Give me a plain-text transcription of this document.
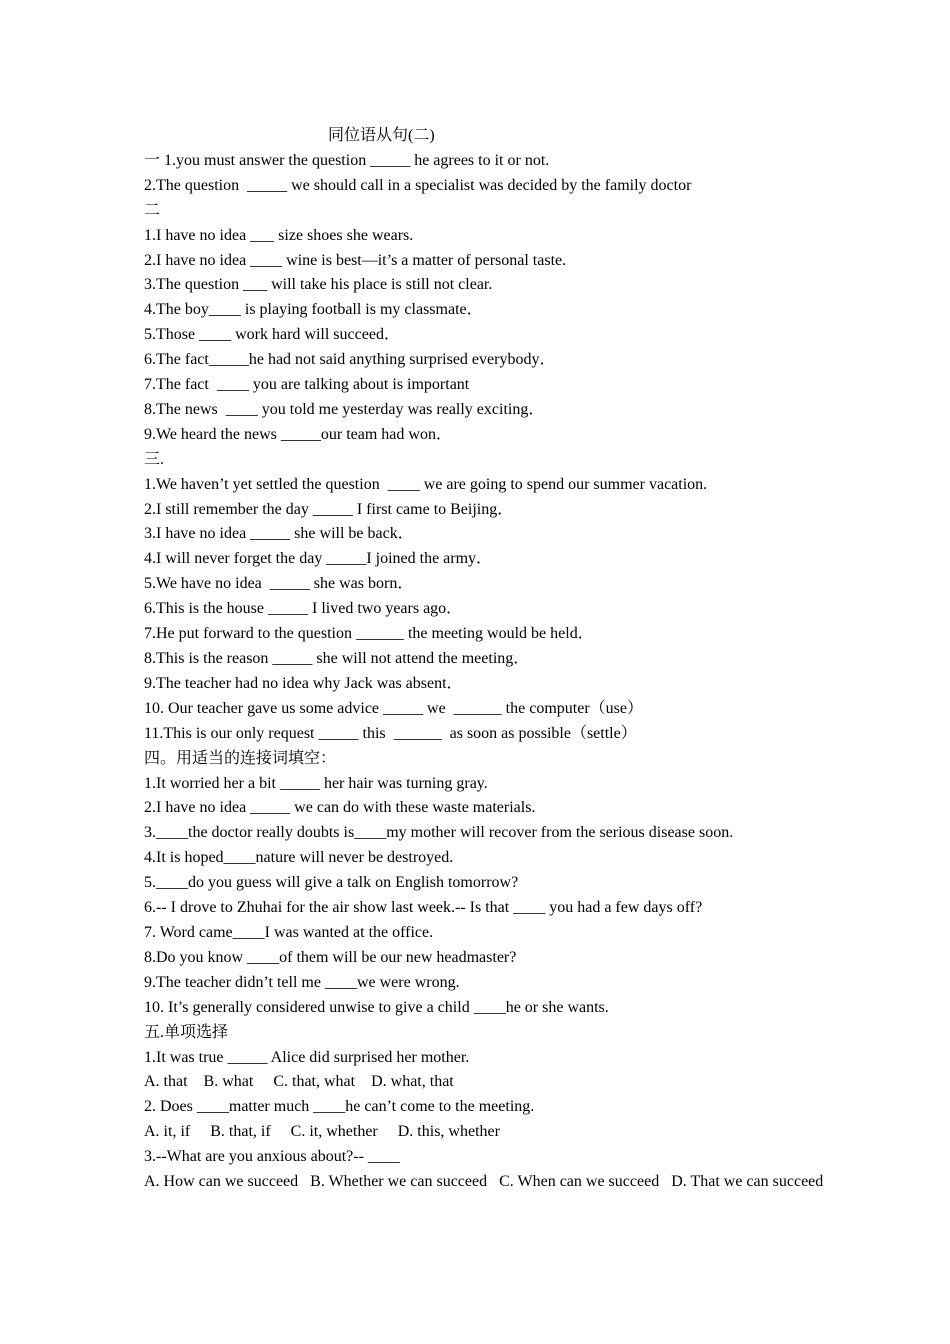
同位语从句(二)
一 1.you must answer the question _____ he agrees to it or not.
2.The question  _____ we should call in a specialist was decided by the family doctor
二
1.I have no idea ___ size shoes she wears.
2.I have no idea ____ wine is best—it’s a matter of personal taste.
3.The question ___ will take his place is still not clear.
4.The boy____ is playing football is my classmate．
5.Those ____ work hard will succeed．
6.The fact_____he had not said anything surprised everybody．
7.The fact  ____ you are talking about is important
8.The news  ____ you told me yesterday was really exciting．
9.We heard the news _____our team had won．
三.
1.We haven’t yet settled the question  ____ we are going to spend our summer vacation.
2.I still remember the day _____ I first came to Beijing．
3.I have no idea _____ she will be back．
4.I will never forget the day _____I joined the army．
5.We have no idea  _____ she was born．
6.This is the house _____ I lived two years ago．
7.He put forward to the question ______ the meeting would be held．
8.This is the reason _____ she will not attend the meeting．
9.The teacher had no idea why Jack was absent．
10. Our teacher gave us some advice _____ we  ______ the computer（use）
11.This is our only request _____ this  ______  as soon as possible（settle）
四。用适当的连接词填空：
1.It worried her a bit _____ her hair was turning gray.
2.I have no idea _____ we can do with these waste materials.
3.____the doctor really doubts is____my mother will recover from the serious disease soon.
4.It is hoped____nature will never be destroyed.
5.____do you guess will give a talk on English tomorrow?
6.-- I drove to Zhuhai for the air show last week.-- Is that ____ you had a few days off?
7. Word came____I was wanted at the office.
8.Do you know ____of them will be our new headmaster?
9.The teacher didn’t tell me ____we were wrong.
10. It’s generally considered unwise to give a child ____he or she wants.
五.单项选择
1.It was true _____ Alice did surprised her mother.
A. that    B. what     C. that, what    D. what, that
2. Does ____matter much ____he can’t come to the meeting.
A. it, if     B. that, if     C. it, whether     D. this, whether
3.--What are you anxious about?-- ____
A. How can we succeed   B. Whether we can succeed   C. When can we succeed   D. That we can succeed
